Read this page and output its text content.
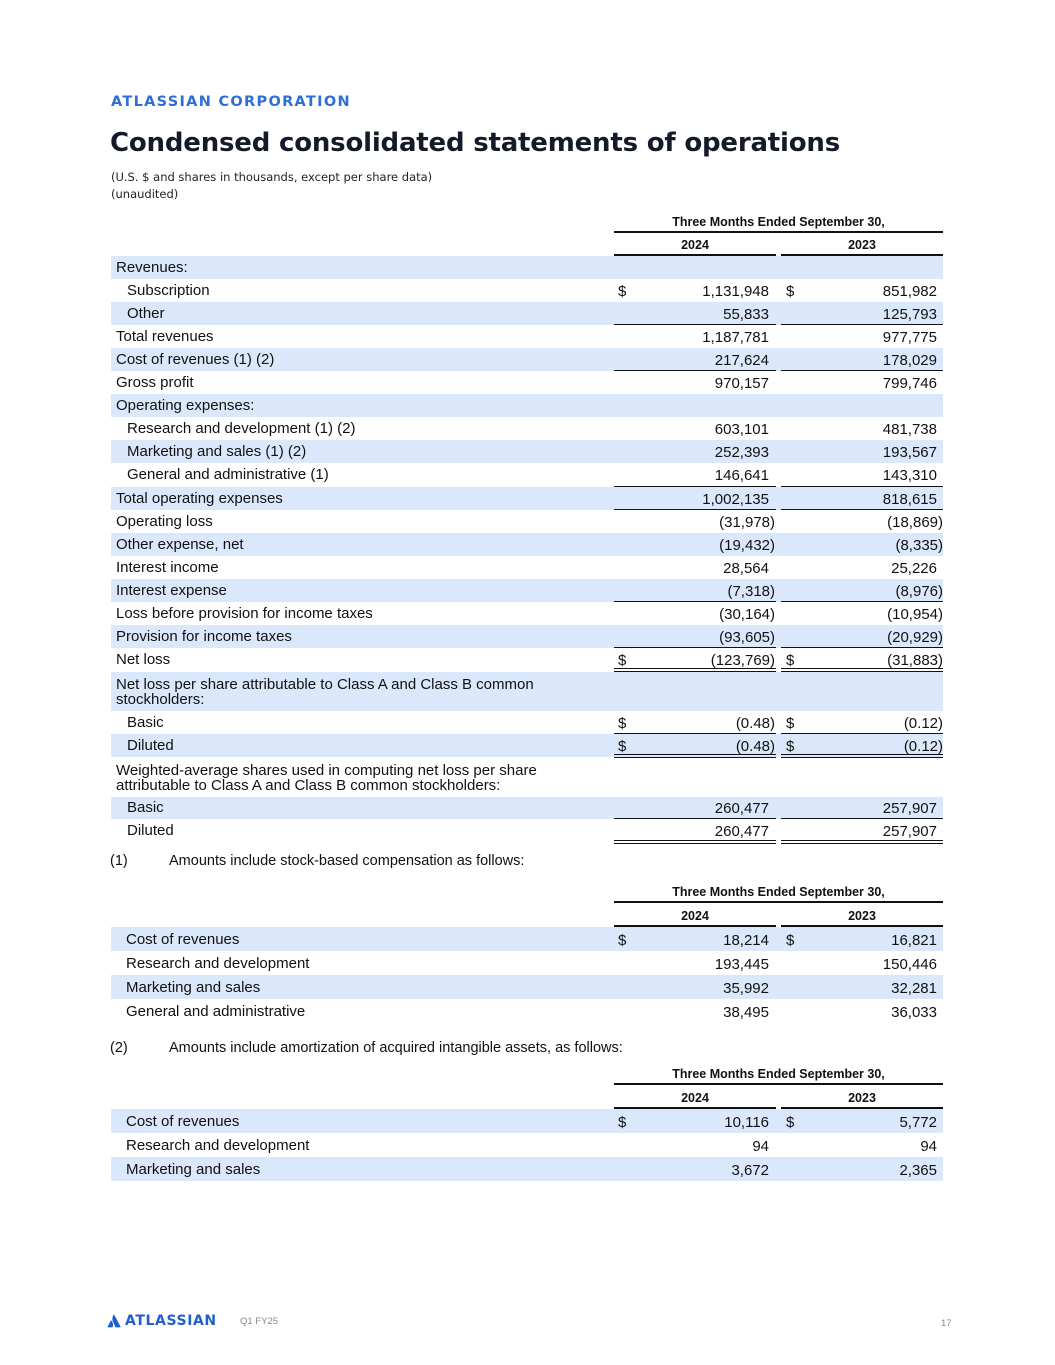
ATLASSIAN CORPORATION
Condensed consolidated statements of operations
(U.S. $ and shares in thousands, except per share data)
(unaudited)
Three Months Ended September 30,
2024	2023
Revenues:
Subscription	$	1,131,948 $	851,982
Other	55,833	125,793
Total revenues	1,187,781	977,775
Cost of revenues (1) (2)	217,624	178,029
Gross profit	970,157	799,746
Operating expenses:
Research and development (1) (2)	603,101	481,738
Marketing and sales (1) (2)	252,393	193,567
General and administrative (1)	146,641	143,310
Total operating expenses	1,002,135	818,615
Operating loss	(31,978)	(18,869)
Other expense, net	(19,432)	(8,335)
Interest income	28,564	25,226
Interest expense	(7,318)	(8,976)
Loss before provision for income taxes	(30,164)	(10,954)
Provision for income taxes	(93,605)	(20,929)
Net loss	$	(123,769) $	(31,883)
Net loss per share attributable to Class A and Class B common
stockholders:
Basic	$	(0.48) $	(0.12)
Diluted	$	(0.48) $	(0.12)
Weighted-average shares used in computing net loss per share
attributable to Class A and Class B common stockholders:
Basic	260,477	257,907
Diluted	260,477	257,907
(1)	Amounts include stock-based compensation as follows:
Three Months Ended September 30,
2024	2023
Cost of revenues	$	18,214 $	16,821
Research and development	193,445	150,446
Marketing and sales	35,992	32,281
General and administrative	38,495	36,033
(2)	Amounts include amortization of acquired intangible assets, as follows:
Three Months Ended September 30,
2024	2023
Cost of revenues	$	10,116 $	5,772
Research and development	94	94
Marketing and sales	3,672	2,365
ATLASSIAN Q1 FY25	17
